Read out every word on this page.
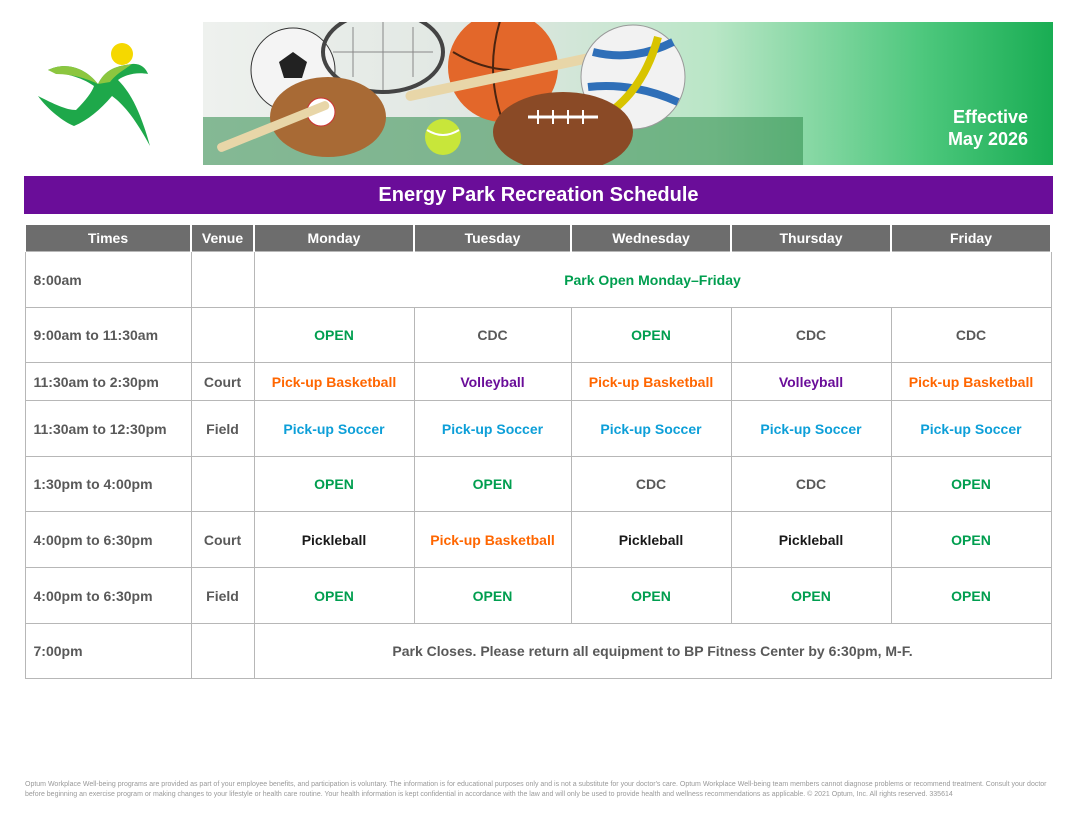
Effective
May 2026
Energy Park Recreation Schedule
Times	Venue	Monday	Tuesday	Wednesday	Thursday	Friday
8:00am		Park Open Monday–Friday				
9:00am to 11:30am		OPEN	CDC	OPEN	CDC	CDC
11:30am to 2:30pm	Court	Pick-up Basketball	Volleyball	Pick-up Basketball	Volleyball	Pick-up Basketball
11:30am to 12:30pm	Field	Pick-up Soccer	Pick-up Soccer	Pick-up Soccer	Pick-up Soccer	Pick-up Soccer
1:30pm to 4:00pm		OPEN	OPEN	CDC	CDC	OPEN
4:00pm to 6:30pm	Court	Pickleball	Pick-up Basketball	Pickleball	Pickleball	OPEN
4:00pm to 6:30pm	Field	OPEN	OPEN	OPEN	OPEN	OPEN
7:00pm		Park Closes. Please return all equipment to BP Fitness Center by 6:30pm, M-F.				
Optum Workplace Well-being programs are provided as part of your employee benefits, and participation is voluntary. The information is for educational purposes only and is not a substitute for your doctor's care. Optum Workplace Well-being team members cannot diagnose problems or recommend treatment. Consult your doctor before beginning an exercise program or making changes to your lifestyle or health care routine. Your health information is kept confidential in accordance with the law and will only be used to provide health and wellness recommendations as applicable. © 2021 Optum, Inc. All rights reserved. 335614
